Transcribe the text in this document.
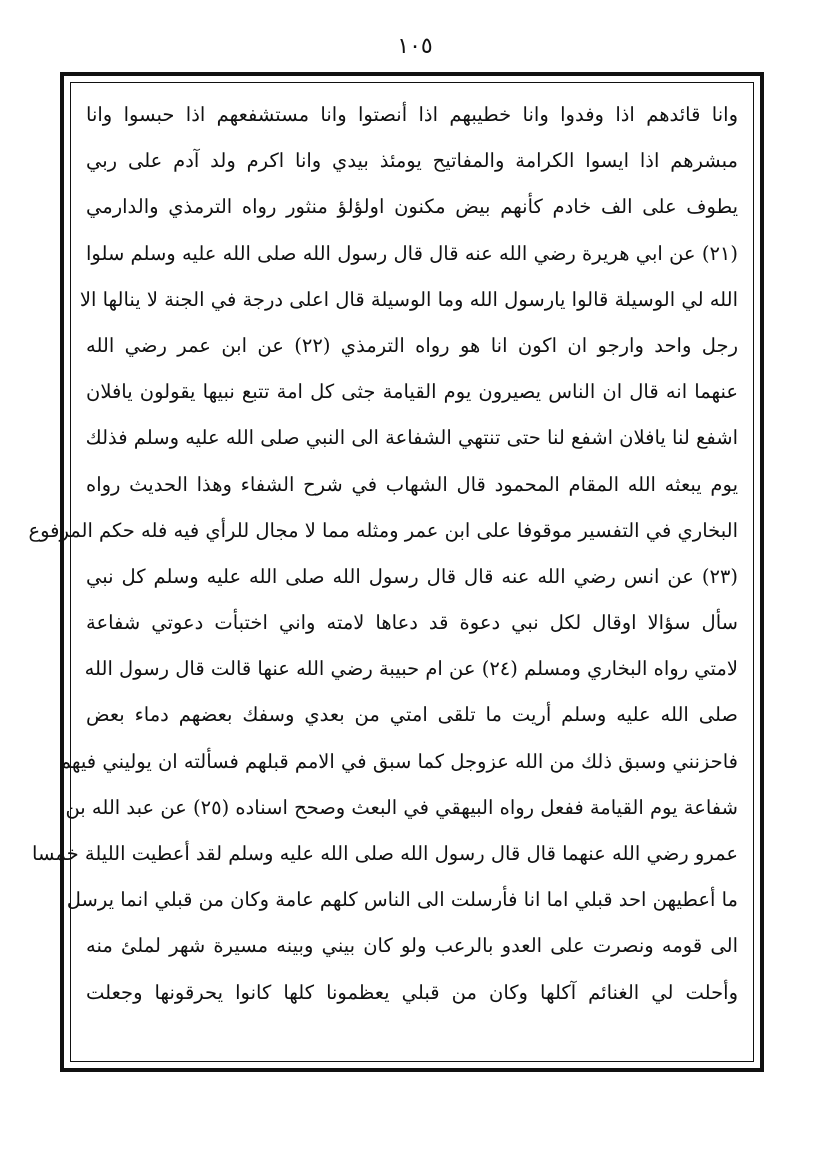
١٠٥
وانا قائدهم اذا وفدوا وانا خطيبهم اذا أنصتوا وانا مستشفعهم اذا حبسوا وانا
مبشرهم اذا ايسوا الكرامة والمفاتيح يومئذ بيدي وانا اكرم ولد آدم على ربي
يطوف على الف خادم كأنهم بيض مكنون اولؤلؤ منثور رواه الترمذي والدارمي
(٢١) عن ابي هريرة رضي الله عنه قال قال رسول الله صلى الله عليه وسلم سلوا
الله لي الوسيلة قالوا يارسول الله وما الوسيلة قال اعلى درجة في الجنة لا ينالها الا
رجل واحد وارجو ان اكون انا هو رواه الترمذي (٢٢) عن ابن عمر رضي الله
عنهما انه قال ان الناس يصيرون يوم القيامة جثى كل امة تتبع نبيها يقولون يافلان
اشفع لنا يافلان اشفع لنا حتى تنتهي الشفاعة الى النبي صلى الله عليه وسلم فذلك
يوم يبعثه الله المقام المحمود قال الشهاب في شرح الشفاء وهذا الحديث رواه
البخاري في التفسير موقوفا على ابن عمر ومثله مما لا مجال للرأي فيه فله حكم المرفوع
(٢٣) عن انس رضي الله عنه قال قال رسول الله صلى الله عليه وسلم كل نبي
سأل سؤالا اوقال لكل نبي دعوة قد دعاها لامته واني اختبأت دعوتي شفاعة
لامتي رواه البخاري ومسلم (٢٤) عن ام حبيبة رضي الله عنها قالت قال رسول الله
صلى الله عليه وسلم أريت ما تلقى امتي من بعدي وسفك بعضهم دماء بعض
فاحزنني وسبق ذلك من الله عزوجل كما سبق في الامم قبلهم فسألته ان يوليني فيهم
شفاعة يوم القيامة ففعل رواه البيهقي في البعث وصحح اسناده (٢٥) عن عبد الله بن
عمرو رضي الله عنهما قال قال رسول الله صلى الله عليه وسلم لقد أعطيت الليلة خمسا
ما أعطيهن احد قبلي اما انا فأرسلت الى الناس كلهم عامة وكان من قبلي انما يرسل
الى قومه ونصرت على العدو بالرعب ولو كان بيني وبينه مسيرة شهر لملئ منه
وأحلت لي الغنائم آكلها وكان من قبلي يعظمونا كلها كانوا يحرقونها وجعلت
